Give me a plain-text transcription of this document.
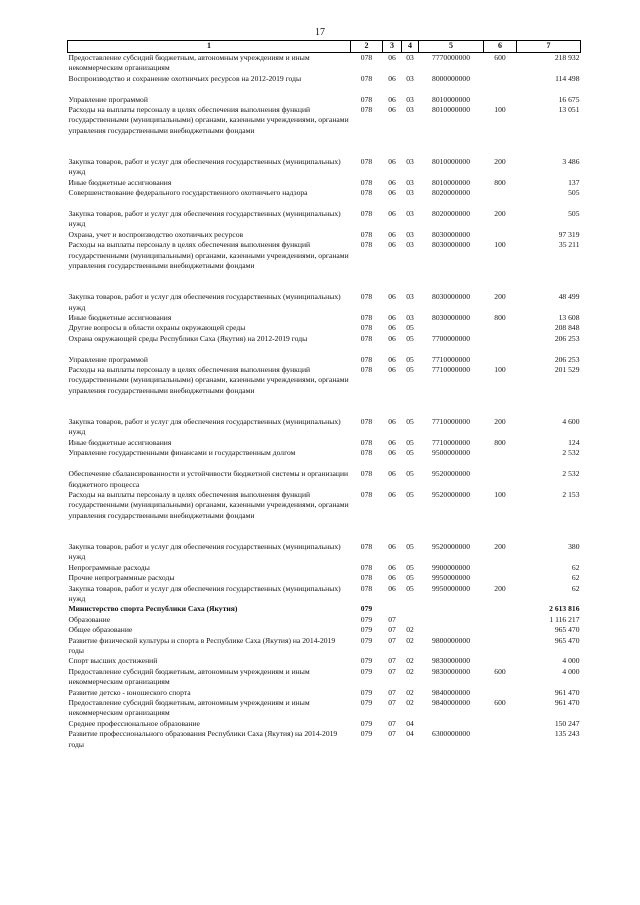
17
1	2	3	4	5	6	7
Предоставление субсидий бюджетным, автономным учреждениям и иным некоммерческим организациям	078	06	03	7770000000	600	218 932
Воспроизводство и сохранение охотничьих ресурсов на 2012-2019 годы	078	06	03	8000000000		114 498
Управление программой	078	06	03	8010000000		16 675
Расходы на выплаты персоналу в целях обеспечения выполнения функций государственными (муниципальными) органами, казенными учреждениями, органами управления государственными внебюджетными фондами	078	06	03	8010000000	100	13 051
Закупка товаров, работ и услуг для обеспечения государственных (муниципальных) нужд	078	06	03	8010000000	200	3 486
Иные бюджетные ассигнования	078	06	03	8010000000	800	137
Совершенствование федерального государственного охотничьего надзора	078	06	03	8020000000		505
Закупка товаров, работ и услуг для обеспечения государственных (муниципальных) нужд	078	06	03	8020000000	200	505
Охрана, учет и воспроизводство охотничьих ресурсов	078	06	03	8030000000		97 319
Расходы на выплаты персоналу в целях обеспечения выполнения функций государственными (муниципальными) органами, казенными учреждениями, органами управления государственными внебюджетными фондами	078	06	03	8030000000	100	35 211
Закупка товаров, работ и услуг для обеспечения государственных (муниципальных) нужд	078	06	03	8030000000	200	48 499
Иные бюджетные ассигнования	078	06	03	8030000000	800	13 608
Другие вопросы в области охраны окружающей среды	078	06	05			208 848
Охрана окружающей среды Республики Саха (Якутия) на 2012-2019 годы	078	06	05	7700000000		206 253
Управление программой	078	06	05	7710000000		206 253
Расходы на выплаты персоналу в целях обеспечения выполнения функций государственными (муниципальными) органами, казенными учреждениями, органами управления государственными внебюджетными фондами	078	06	05	7710000000	100	201 529
Закупка товаров, работ и услуг для обеспечения государственных (муниципальных) нужд	078	06	05	7710000000	200	4 600
Иные бюджетные ассигнования	078	06	05	7710000000	800	124
Управление государственными финансами и государственным долгом	078	06	05	9500000000		2 532
Обеспечение сбалансированности и устойчивости бюджетной системы и организации бюджетного процесса	078	06	05	9520000000		2 532
Расходы на выплаты персоналу в целях обеспечения выполнения функций государственными (муниципальными) органами, казенными учреждениями, органами управления государственными внебюджетными фондами	078	06	05	9520000000	100	2 153
Закупка товаров, работ и услуг для обеспечения государственных (муниципальных) нужд	078	06	05	9520000000	200	380
Непрограммные расходы	078	06	05	9900000000		62
Прочие непрограммные расходы	078	06	05	9950000000		62
Закупка товаров, работ и услуг для обеспечения государственных (муниципальных) нужд	078	06	05	9950000000	200	62
Министерство спорта Республики Саха (Якутия)	079					2 613 816
Образование	079	07				1 116 217
Общее образование	079	07	02			965 470
Развитие физической культуры и спорта в Республике Саха (Якутия) на 2014-2019 годы	079	07	02	9800000000		965 470
Спорт высших достижений	079	07	02	9830000000		4 000
Предоставление субсидий бюджетным, автономным учреждениям и иным некоммерческим организациям	079	07	02	9830000000	600	4 000
Развитие детско - юношеского спорта	079	07	02	9840000000		961 470
Предоставление субсидий бюджетным, автономным учреждениям и иным некоммерческим организациям	079	07	02	9840000000	600	961 470
Среднее профессиональное образование	079	07	04			150 247
Развитие профессионального образования Республики Саха (Якутия) на 2014-2019 годы	079	07	04	6300000000		135 243
